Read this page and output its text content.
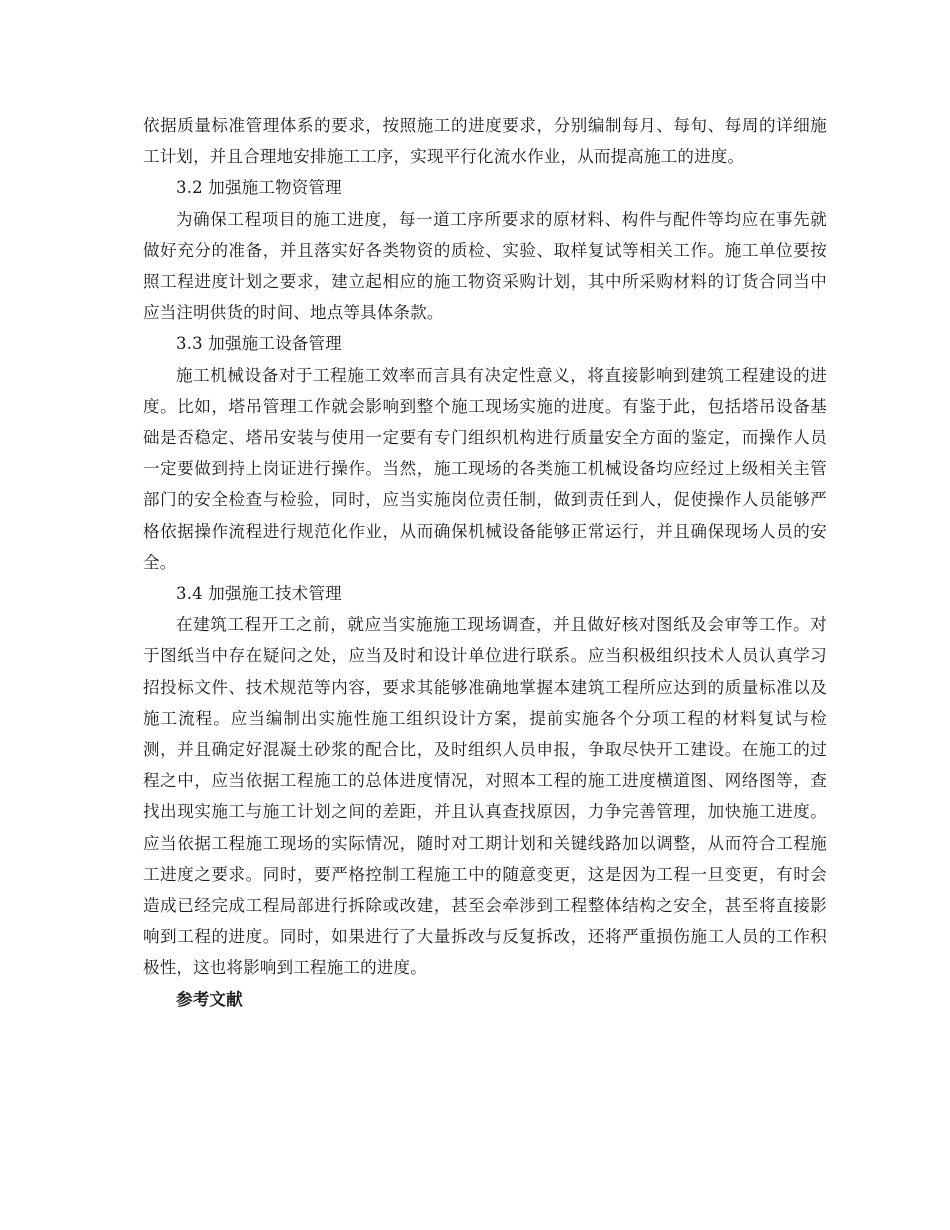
依据质量标准管理体系的要求，按照施工的进度要求，分别编制每月、每旬、每周的详细施工计划，并且合理地安排施工工序，实现平行化流水作业，从而提高施工的进度。

3.2 加强施工物资管理

为确保工程项目的施工进度，每一道工序所要求的原材料、构件与配件等均应在事先就做好充分的准备，并且落实好各类物资的质检、实验、取样复试等相关工作。施工单位要按照工程进度计划之要求，建立起相应的施工物资采购计划，其中所采购材料的订货合同当中应当注明供货的时间、地点等具体条款。

3.3 加强施工设备管理

施工机械设备对于工程施工效率而言具有决定性意义，将直接影响到建筑工程建设的进度。比如，塔吊管理工作就会影响到整个施工现场实施的进度。有鉴于此，包括塔吊设备基础是否稳定、塔吊安装与使用一定要有专门组织机构进行质量安全方面的鉴定，而操作人员一定要做到持上岗证进行操作。当然，施工现场的各类施工机械设备均应经过上级相关主管部门的安全检查与检验，同时，应当实施岗位责任制，做到责任到人，促使操作人员能够严格依据操作流程进行规范化作业，从而确保机械设备能够正常运行，并且确保现场人员的安全。

3.4 加强施工技术管理

在建筑工程开工之前，就应当实施施工现场调查，并且做好核对图纸及会审等工作。对于图纸当中存在疑问之处，应当及时和设计单位进行联系。应当积极组织技术人员认真学习招投标文件、技术规范等内容，要求其能够准确地掌握本建筑工程所应达到的质量标准以及施工流程。应当编制出实施性施工组织设计方案，提前实施各个分项工程的材料复试与检测，并且确定好混凝土砂浆的配合比，及时组织人员申报，争取尽快开工建设。在施工的过程之中，应当依据工程施工的总体进度情况，对照本工程的施工进度横道图、网络图等，查找出现实施工与施工计划之间的差距，并且认真查找原因，力争完善管理，加快施工进度。应当依据工程施工现场的实际情况，随时对工期计划和关键线路加以调整，从而符合工程施工进度之要求。同时，要严格控制工程施工中的随意变更，这是因为工程一旦变更，有时会造成已经完成工程局部进行拆除或改建，甚至会牵涉到工程整体结构之安全，甚至将直接影响到工程的进度。同时，如果进行了大量拆改与反复拆改，还将严重损伤施工人员的工作积极性，这也将影响到工程施工的进度。

参考文献
